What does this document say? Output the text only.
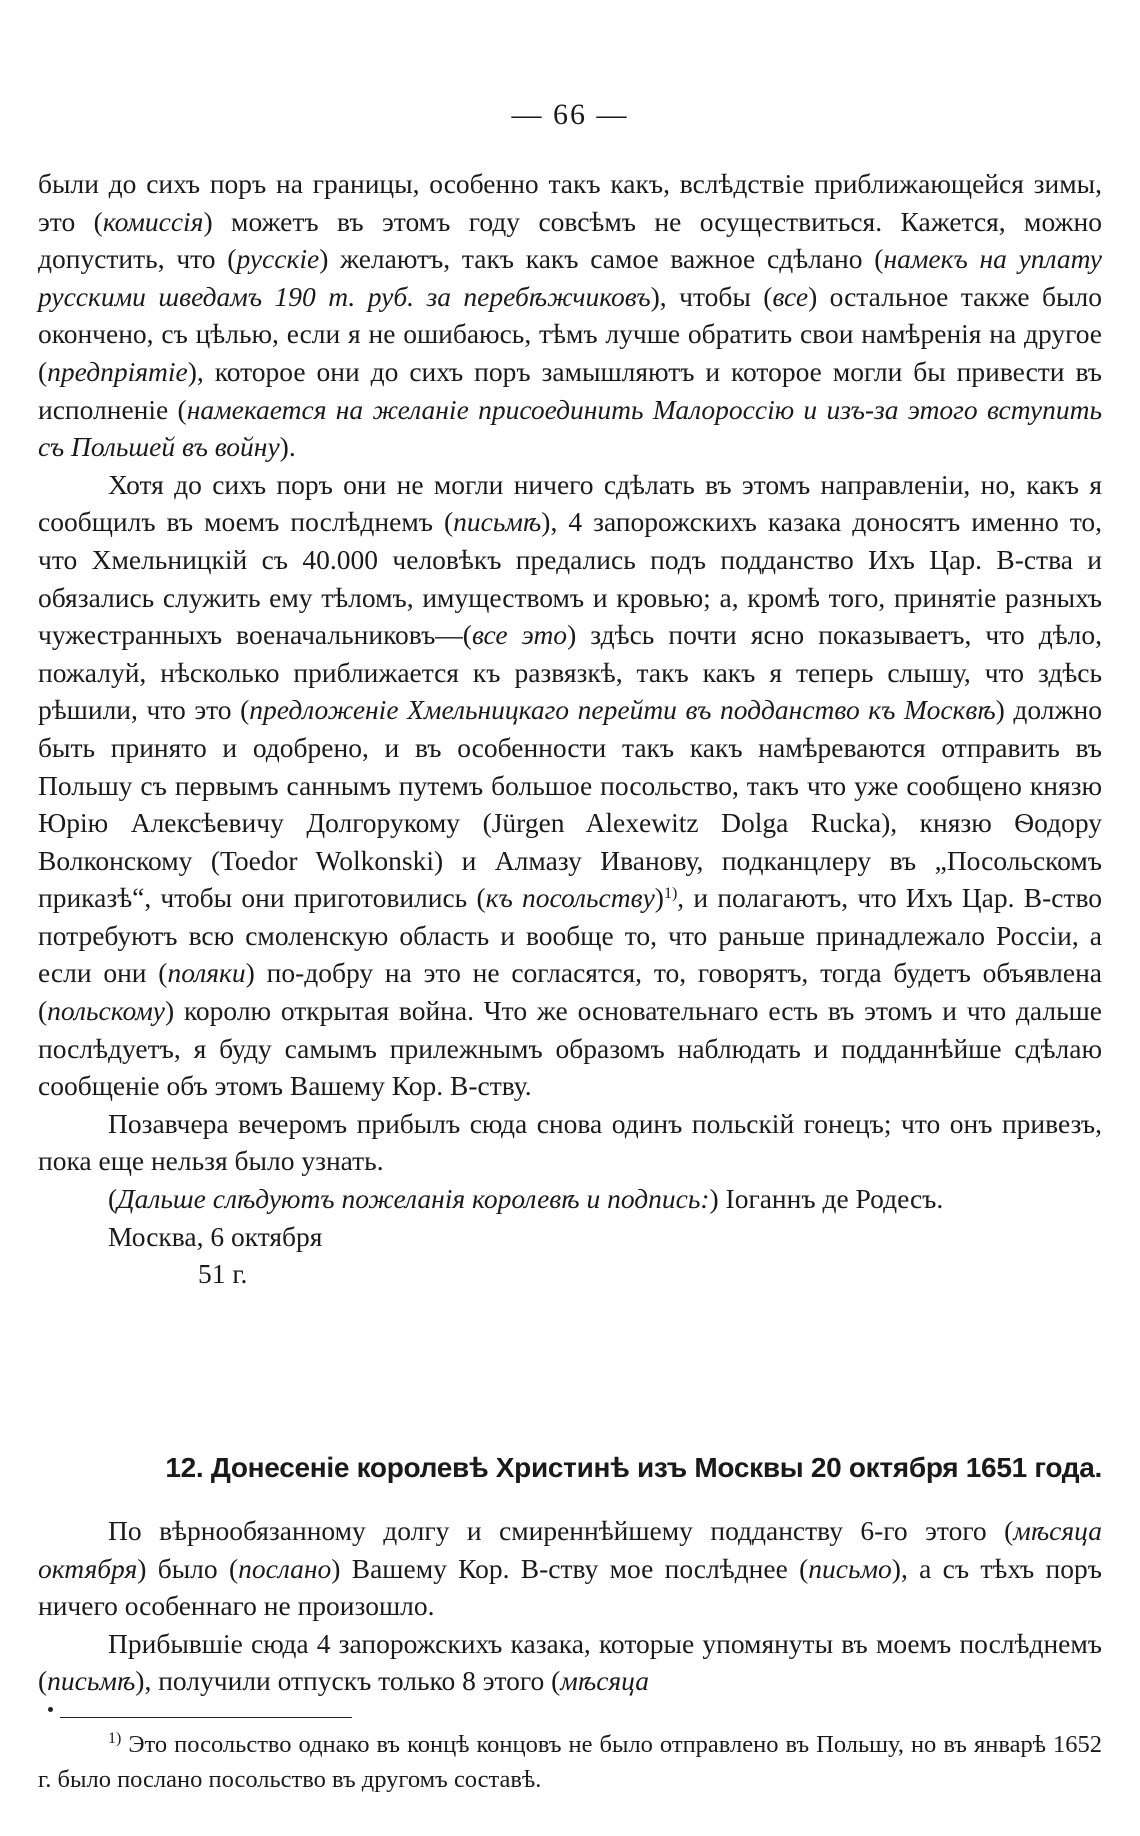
— 66 —

были до сихъ поръ на границы, особенно такъ какъ, вслѣдствіе приближающейся зимы, это (комиссія) можетъ въ этомъ году совсѣмъ не осуществиться. Кажется, можно допустить, что (русскіе) желаютъ, такъ какъ самое важное сдѣлано (намекъ на уплату русскими шведамъ 190 т. руб. за перебѣжчиковъ), чтобы (все) остальное также было окончено, съ цѣлью, если я не ошибаюсь, тѣмъ лучше обратить свои намѣренія на другое (предпріятіе), которое они до сихъ поръ замышляютъ и которое могли бы привести въ исполненіе (намекается на желаніе присоединить Малороссію и изъ-за этого вступить съ Польшей въ войну).

Хотя до сихъ поръ они не могли ничего сдѣлать въ этомъ направленіи, но, какъ я сообщилъ въ моемъ послѣднемъ (письмѣ), 4 запорожскихъ казака доносятъ именно то, что Хмельницкій съ 40.000 человѣкъ предались подъ подданство Ихъ Цар. В-ства и обязались служить ему тѣломъ, имуществомъ и кровью; а, кромѣ того, принятіе разныхъ чужестранныхъ военачальниковъ—(все это) здѣсь почти ясно показываетъ, что дѣло, пожалуй, нѣсколько приближается къ развязкѣ, такъ какъ я теперь слышу, что здѣсь рѣшили, что это (предложеніе Хмельницкаго перейти въ подданство къ Москвѣ) должно быть принято и одобрено, и въ особенности такъ какъ намѣреваются отправить въ Польшу съ первымъ саннымъ путемъ большое посольство, такъ что уже сообщено князю Юрію Алексѣевичу Долгорукому (Jürgen Alexewitz Dolga Rucka), князю Ѳодору Волконскому (Toedor Wolkonski) и Алмазу Иванову, подканцлеру въ „Посольскомъ приказѣ“, чтобы они приготовились (къ посольству)$^{1)}$, и полагаютъ, что Ихъ Цар. В-ство потребуютъ всю смоленскую область и вообще то, что раньше принадлежало Россіи, а если они (поляки) по-добру на это не согласятся, то, говорятъ, тогда будетъ объявлена (польскому) королю открытая война. Что же основательнаго есть въ этомъ и что дальше послѣдуетъ, я буду самымъ прилежнымъ образомъ наблюдать и подданнѣйше сдѣлаю сообщеніе объ этомъ Вашему Кор. В-ству.

Позавчера вечеромъ прибылъ сюда снова одинъ польскій гонецъ; что онъ привезъ, пока еще нельзя было узнать.

(Дальше слѣдуютъ пожеланія королевѣ и подпись:) Іоганнъ де Родесъ.

Москва, 6 октября

51 г.

12. Донесеніе королевѣ Христинѣ изъ Москвы 20 октября 1651 года.

По вѣрнообязанному долгу и смиреннѣйшему подданству 6-го этого (мѣсяца октября) было (послано) Вашему Кор. В-ству мое послѣднее (письмо), а съ тѣхъ поръ ничего особеннаго не произошло.

Прибывшіе сюда 4 запорожскихъ казака, которые упомянуты въ моемъ послѣднемъ (письмѣ), получили отпускъ только 8 этого (мѣсяца

$^{1)}$ Это посольство однако въ концѣ концовъ не было отправлено въ Польшу, но въ январѣ 1652 г. было послано посольство въ другомъ составѣ.
